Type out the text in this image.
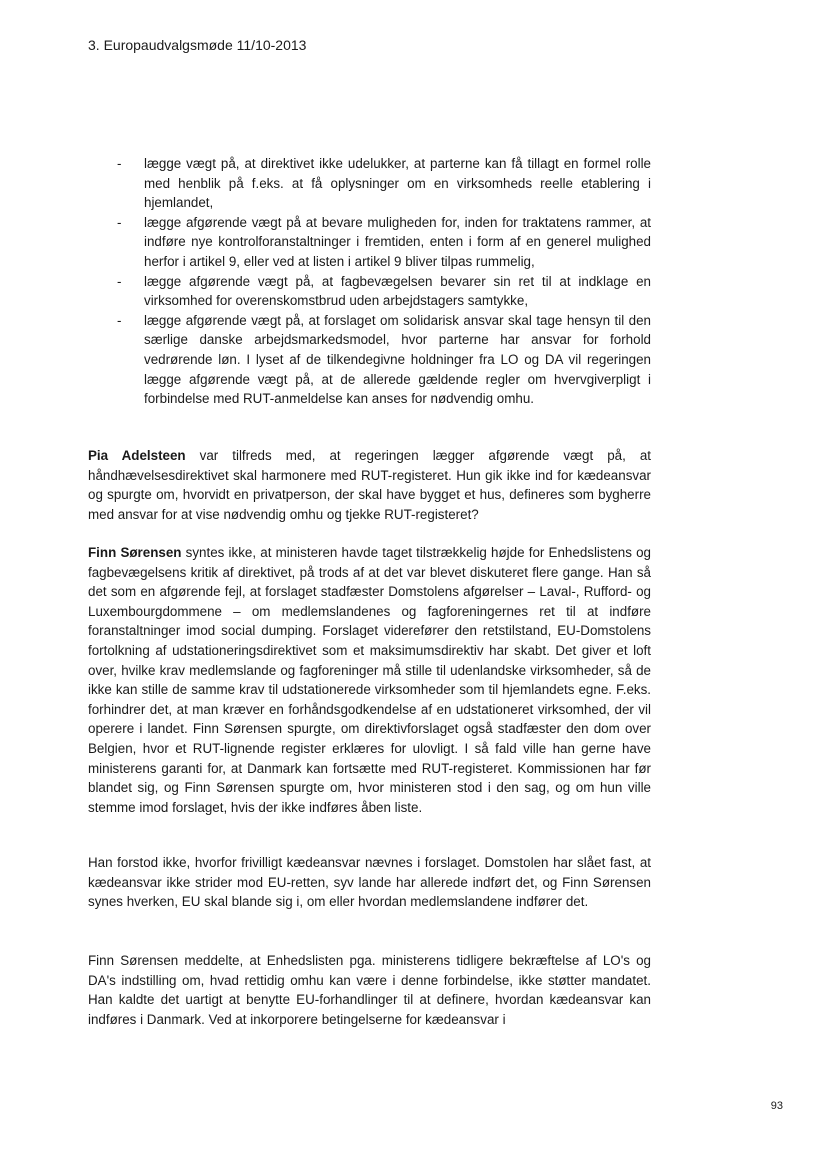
3. Europaudvalgsmøde 11/10-2013
- lægge vægt på, at direktivet ikke udelukker, at parterne kan få tillagt en formel rolle med henblik på f.eks. at få oplysninger om en virksomheds reelle etablering i hjemlandet,
- lægge afgørende vægt på at bevare muligheden for, inden for traktatens rammer, at indføre nye kontrolforanstaltninger i fremtiden, enten i form af en generel mulighed herfor i artikel 9, eller ved at listen i artikel 9 bliver tilpas rummelig,
- lægge afgørende vægt på, at fagbevægelsen bevarer sin ret til at indklage en virksomhed for overenskomstbrud uden arbejdstagers samtykke,
- lægge afgørende vægt på, at forslaget om solidarisk ansvar skal tage hensyn til den særlige danske arbejdsmarkedsmodel, hvor parterne har ansvar for forhold vedrørende løn. I lyset af de tilkendegivne holdninger fra LO og DA vil regeringen lægge afgørende vægt på, at de allerede gældende regler om hvervgiverpligt i forbindelse med RUT-anmeldelse kan anses for nødvendig omhu.

Pia Adelsteen var tilfreds med, at regeringen lægger afgørende vægt på, at håndhævelsesdirektivet skal harmonere med RUT-registeret. Hun gik ikke ind for kædeansvar og spurgte om, hvorvidt en privatperson, der skal have bygget et hus, defineres som bygherre med ansvar for at vise nødvendig omhu og tjekke RUT-registeret?

Finn Sørensen syntes ikke, at ministeren havde taget tilstrækkelig højde for Enhedslistens og fagbevægelsens kritik af direktivet, på trods af at det var blevet diskuteret flere gange. Han så det som en afgørende fejl, at forslaget stadfæster Domstolens afgørelser – Laval-, Rufford- og Luxembourgdommene – om medlemslandenes og fagforeningernes ret til at indføre foranstaltninger imod social dumping. Forslaget viderefører den retstilstand, EU-Domstolens fortolkning af udstationeringsdirektivet som et maksimumsdirektiv har skabt. Det giver et loft over, hvilke krav medlemslande og fagforeninger må stille til udenlandske virksomheder, så de ikke kan stille de samme krav til udstationerede virksomheder som til hjemlandets egne. F.eks. forhindrer det, at man kræver en forhåndsgodkendelse af en udstationeret virksomhed, der vil operere i landet. Finn Sørensen spurgte, om direktivforslaget også stadfæster den dom over Belgien, hvor et RUT-lignende register erklæres for ulovligt. I så fald ville han gerne have ministerens garanti for, at Danmark kan fortsætte med RUT-registeret. Kommissionen har før blandet sig, og Finn Sørensen spurgte om, hvor ministeren stod i den sag, og om hun ville stemme imod forslaget, hvis der ikke indføres åben liste.

Han forstod ikke, hvorfor frivilligt kædeansvar nævnes i forslaget. Domstolen har slået fast, at kædeansvar ikke strider mod EU-retten, syv lande har allerede indført det, og Finn Sørensen synes hverken, EU skal blande sig i, om eller hvordan medlemslandene indfører det.

Finn Sørensen meddelte, at Enhedslisten pga. ministerens tidligere bekræftelse af LO's og DA's indstilling om, hvad rettidig omhu kan være i denne forbindelse, ikke støtter mandatet. Han kaldte det uartigt at benytte EU-forhandlinger til at definere, hvordan kædeansvar kan indføres i Danmark. Ved at inkorporere betingelserne for kædeansvar i

93
